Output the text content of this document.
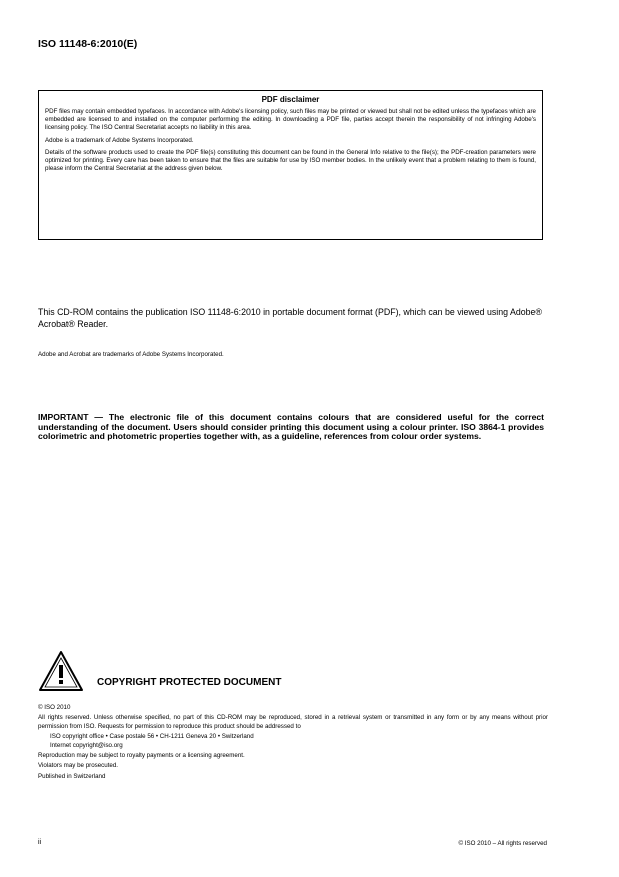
ISO 11148-6:2010(E)
PDF disclaimer

PDF files may contain embedded typefaces. In accordance with Adobe's licensing policy, such files may be printed or viewed but shall not be edited unless the typefaces which are embedded are licensed to and installed on the computer performing the editing. In downloading a PDF file, parties accept therein the responsibility of not infringing Adobe's licensing policy. The ISO Central Secretariat accepts no liability in this area.

Adobe is a trademark of Adobe Systems Incorporated.

Details of the software products used to create the PDF file(s) constituting this document can be found in the General Info relative to the file(s); the PDF-creation parameters were optimized for printing. Every care has been taken to ensure that the files are suitable for use by ISO member bodies. In the unlikely event that a problem relating to them is found, please inform the Central Secretariat at the address given below.

This CD-ROM contains the publication ISO 11148-6:2010 in portable document format (PDF), which can be viewed using Adobe® Acrobat® Reader.
Adobe and Acrobat are trademarks of Adobe Systems Incorporated.
IMPORTANT — The electronic file of this document contains colours that are considered useful for the correct understanding of the document. Users should consider printing this document using a colour printer. ISO 3864-1 provides colorimetric and photometric properties together with, as a guideline, references from colour order systems.
COPYRIGHT PROTECTED DOCUMENT

© ISO 2010

All rights reserved. Unless otherwise specified, no part of this CD-ROM may be reproduced, stored in a retrieval system or transmitted in any form or by any means without prior permission from ISO. Requests for permission to reproduce this product should be addressed to

ISO copyright office • Case postale 56 • CH-1211 Geneva 20 • Switzerland

Internet copyright@iso.org

Reproduction may be subject to royalty payments or a licensing agreement.

Violators may be prosecuted.

Published in Switzerland

ii	© ISO 2010 – All rights reserved
